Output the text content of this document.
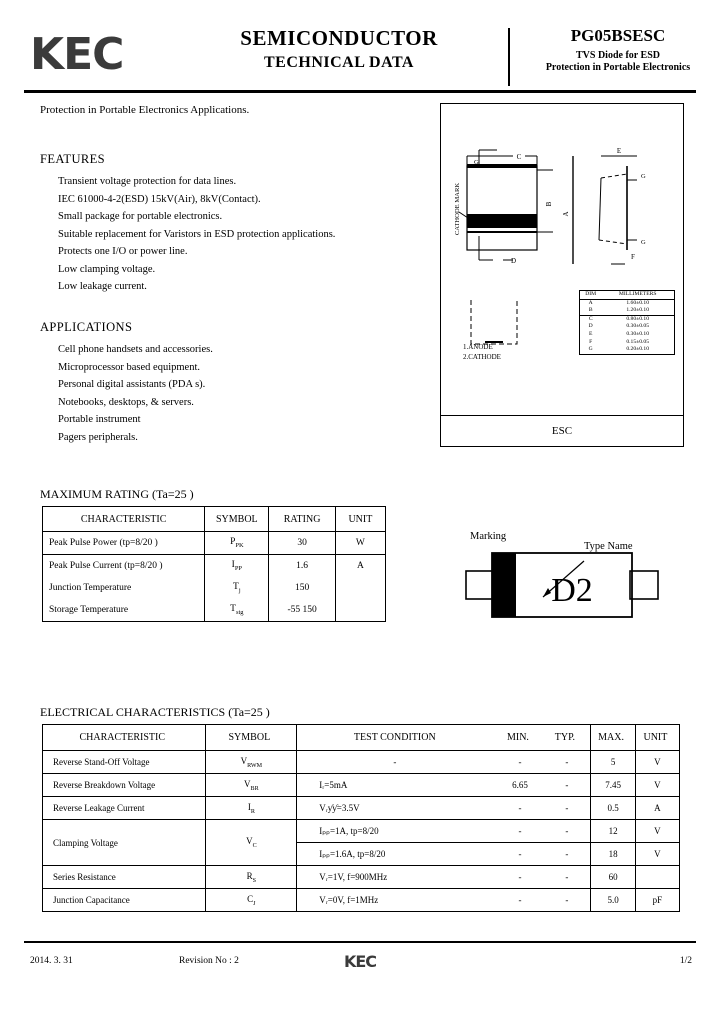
KEC	SEMICONDUCTOR
TECHNICAL DATA
PG05BSESC
TVS Diode for ESD
Protection in Portable Electronics
Protection in Portable Electronics Applications.
FEATURES
Transient voltage protection for data lines.
IEC 61000-4-2(ESD) 15kV(Air), 8kV(Contact).
Small package for portable electronics.
Suitable replacement for Varistors in ESD protection applications.
Protects one I/O or power line.
Low clamping voltage.
Low leakage current.
APPLICATIONS
Cell phone handsets and accessories.
Microprocessor based equipment.
Personal digital assistants (PDA s).
Notebooks, desktops, & servers.
Portable instrument
Pagers peripherals.
C
G
B
A
D
CATHODE MARK
E
G
G
F
DIM	MILLIMETERS
A	1.60±0.10
B	1.20±0.10
C	0.80±0.10
D	0.30±0.05
E	0.30±0.10
F	0.15±0.05
G	0.20±0.10
1.ANODE
2.CATHODE
ESC
MAXIMUM RATING (Ta=25 )
CHARACTERISTIC	SYMBOL	RATING	UNIT
Peak Pulse Power (tp=8/20 )	$P_{PK}$	30	W
Peak Pulse Current (tp=8/20 )	$I_{PP}$	1.6	A
Junction Temperature	$T_j$	150	
Storage Temperature	$T_{stg}$	-55 150	
Marking
Type Name
D2
ELECTRICAL CHARACTERISTICS (Ta=25 )
CHARACTERISTIC	SYMBOL	TEST CONDITION	MIN.	TYP.	MAX.	UNIT
Reverse Stand-Off Voltage	$V_{RWM}$	-	-	-	5	V
Reverse Breakdown Voltage	$V_{BR}$	Iᵣ=5mA	6.65	-	7.45	V
Reverse Leakage Current	$I_R$	Vᵣƴƴ=3.5V	-	-	0.5	A
Clamping Voltage	$V_C$	Iₚₚ=1A, tp=8/20	-	-	12	V
		Iₚₚ=1.6A, tp=8/20	-	-	18	V
Series Resistance	$R_S$	Vᵣ=1V, f=900MHz	-	-	60	
Junction Capacitance	$C_J$	Vᵣ=0V, f=1MHz	-	-	5.0	pF
2014. 3. 31	Revision No : 2	KEC	1/2
